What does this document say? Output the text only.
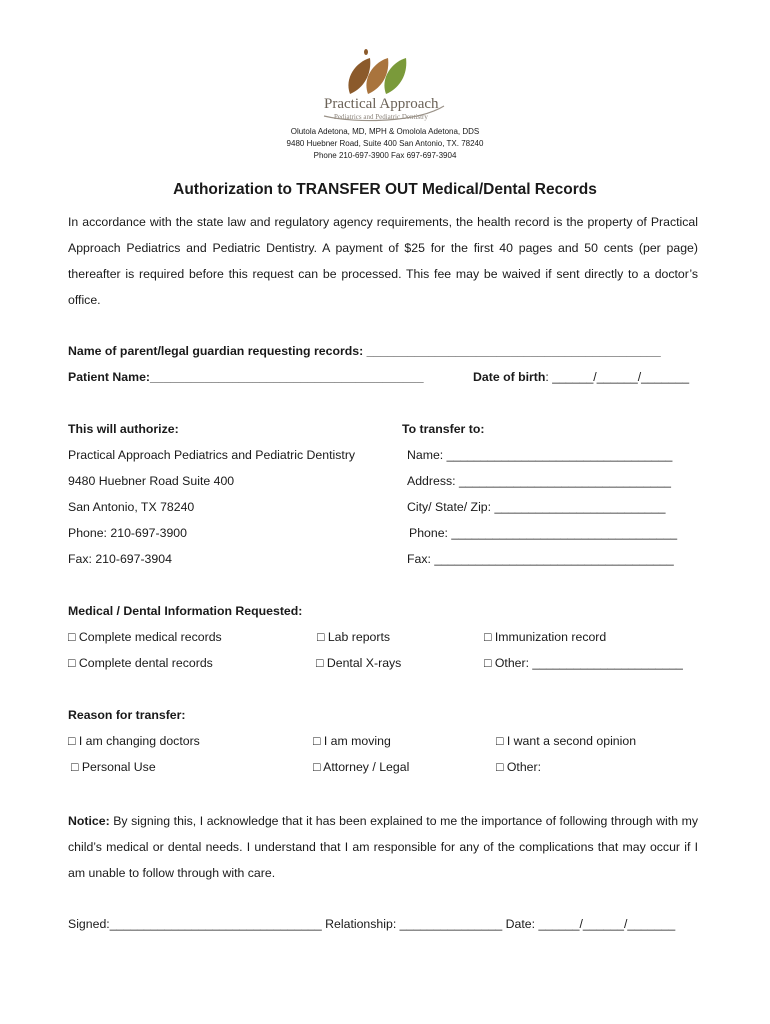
Practical Approach
Pediatrics and Pediatric Dentistry
Olutola Adetona, MD, MPH & Omolola Adetona, DDS
9480 Huebner Road, Suite 400 San Antonio, TX. 78240
Phone 210-697-3900 Fax 697-697-3904
Authorization to TRANSFER OUT Medical/Dental Records
In accordance with the state law and regulatory agency requirements, the health record is the property of Practical Approach Pediatrics and Pediatric Dentistry. A payment of $25 for the first 40 pages and 50 cents (per page) thereafter is required before this request can be processed. This fee may be waived if sent directly to a doctor’s office.
Name of parent/legal guardian requesting records: ___________________________________________
Patient Name:________________________________________	Date of birth: ______/______/_______
This will authorize:
Practical Approach Pediatrics and Pediatric Dentistry
9480 Huebner Road Suite 400
San Antonio, TX 78240
Phone: 210-697-3900
Fax: 210-697-3904
To transfer to:
Name: _________________________________
Address: _______________________________
City/ State/ Zip: _________________________
Phone: _________________________________
Fax: ___________________________________
Medical / Dental Information Requested:
□ Complete medical records	□ Lab reports	□ Immunization record
□ Complete dental records	□ Dental X-rays	□ Other: ______________________
Reason for transfer:
□ I am changing doctors	□ I am moving	□ I want a second opinion
□ Personal Use	□ Attorney / Legal	□ Other:
Notice: By signing this, I acknowledge that it has been explained to me the importance of following through with my child’s medical or dental needs. I understand that I am responsible for any of the complications that may occur if I am unable to follow through with care.
Signed:_______________________________ Relationship: _______________ Date: ______/______/_______
